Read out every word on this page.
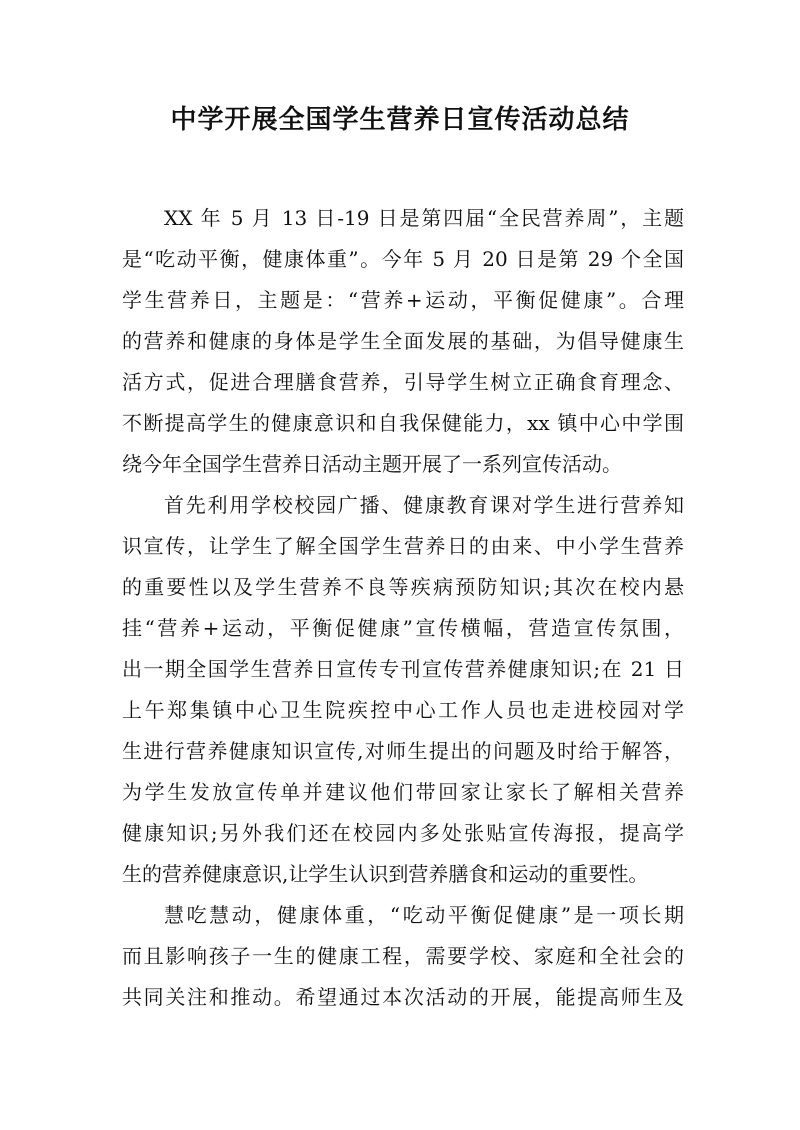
中学开展全国学生营养日宣传活动总结
XX 年 5 月 13 日-19 日是第四届“全民营养周”，主题
是“吃动平衡，健康体重”。今年 5 月 20 日是第 29 个全国
学生营养日，主题是：“营养+运动，平衡促健康”。合理
的营养和健康的身体是学生全面发展的基础，为倡导健康生
活方式，促进合理膳食营养，引导学生树立正确食育理念、
不断提高学生的健康意识和自我保健能力，xx 镇中心中学围
绕今年全国学生营养日活动主题开展了一系列宣传活动。
首先利用学校校园广播、健康教育课对学生进行营养知
识宣传，让学生了解全国学生营养日的由来、中小学生营养
的重要性以及学生营养不良等疾病预防知识;其次在校内悬
挂“营养+运动，平衡促健康”宣传横幅，营造宣传氛围，
出一期全国学生营养日宣传专刊宣传营养健康知识;在 21 日
上午郑集镇中心卫生院疾控中心工作人员也走进校园对学
生进行营养健康知识宣传,对师生提出的问题及时给于解答，
为学生发放宣传单并建议他们带回家让家长了解相关营养
健康知识;另外我们还在校园内多处张贴宣传海报，提高学
生的营养健康意识,让学生认识到营养膳食和运动的重要性。
慧吃慧动，健康体重，“吃动平衡促健康”是一项长期
而且影响孩子一生的健康工程，需要学校、家庭和全社会的
共同关注和推动。希望通过本次活动的开展，能提高师生及
